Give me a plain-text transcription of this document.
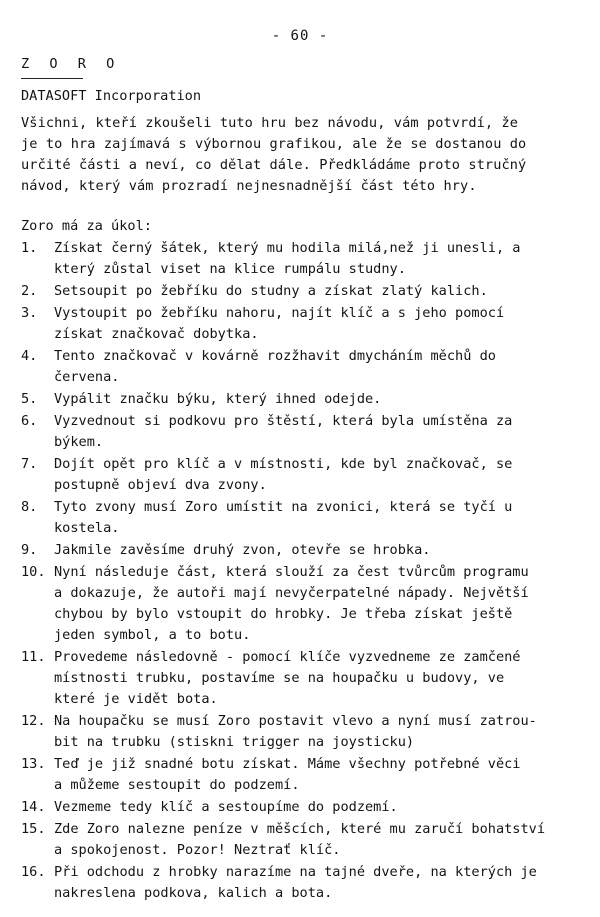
- 60 -
Z O R O
DATASOFT Incorporation
Všichni, kteří zkoušeli tuto hru bez návodu, vám potvrdí, že
je to hra zajímavá s výbornou grafikou, ale že se dostanou do
určité části a neví, co dělat dále. Předkládáme proto stručný
návod, který vám prozradí nejnesnadnější část této hry.
Zoro má za úkol:
1. Získat černý šátek, který mu hodila milá,než ji unesli, a
který zůstal viset na klice rumpálu studny.
2. Setsoupit po žebříku do studny a získat zlatý kalich.
3. Vystoupit po žebříku nahoru, najít klíč a s jeho pomocí
získat značkovač dobytka.
4. Tento značkovač v kovárně rozžhavit dmycháním měchů do
červena.
5. Vypálit značku býku, který ihned odejde.
6. Vyzvednout si podkovu pro štěstí, která byla umístěna za
býkem.
7. Dojít opět pro klíč a v místnosti, kde byl značkovač, se
postupně objeví dva zvony.
8. Tyto zvony musí Zoro umístit na zvonici, která se tyčí u
kostela.
9. Jakmile zavěsíme druhý zvon, otevře se hrobka.
10. Nyní následuje část, která slouží za čest tvůrcům programu
a dokazuje, že autoři mají nevyčerpatelné nápady. Největší
chybou by bylo vstoupit do hrobky. Je třeba získat ještě
jeden symbol, a to botu.
11. Provedeme následovně - pomocí klíče vyzvedneme ze zamčené
místnosti trubku, postavíme se na houpačku u budovy, ve
které je vidět bota.
12. Na houpačku se musí Zoro postavit vlevo a nyní musí zatrou-
bit na trubku (stiskni trigger na joysticku)
13. Teď je již snadné botu získat. Máme všechny potřebné věci
a můžeme sestoupit do podzemí.
14. Vezmeme tedy klíč a sestoupíme do podzemí.
15. Zde Zoro nalezne peníze v měšcích, které mu zaručí bohatství
a spokojenost. Pozor! Neztrať klíč.
16. Při odchodu z hrobky narazíme na tajné dveře, na kterých je
nakreslena podkova, kalich a bota.
